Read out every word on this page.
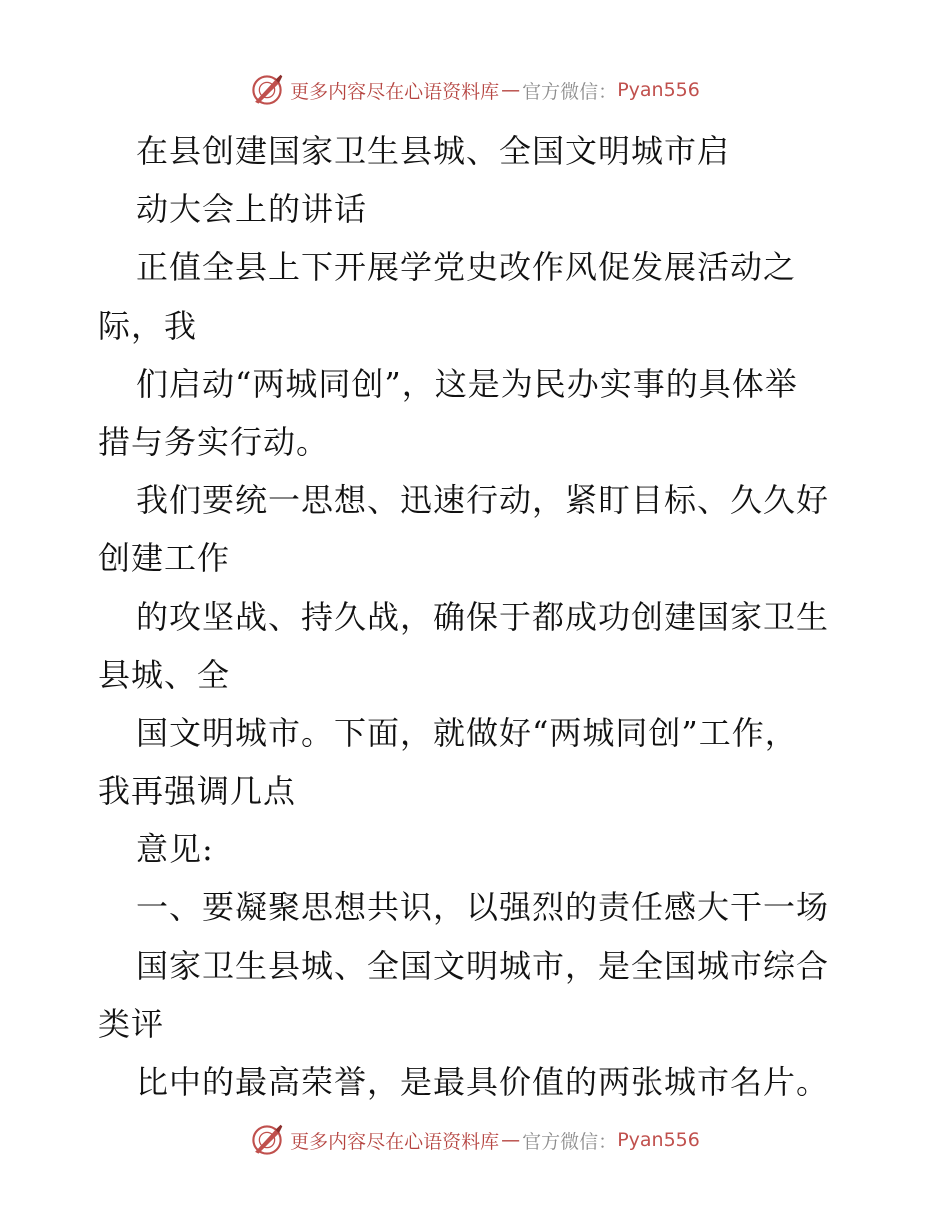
更多内容尽在心语资料库 — 官方微信： Pyan556
在县创建国家卫生县城、全国文明城市启
动大会上的讲话
正值全县上下开展学党史改作风促发展活动之
际，我
们启动“两城同创”，这是为民办实事的具体举
措与务实行动。
我们要统一思想、迅速行动，紧盯目标、久久好
创建工作
的攻坚战、持久战，确保于都成功创建国家卫生
县城、全
国文明城市。下面，就做好“两城同创”工作，
我再强调几点
意见:
一、要凝聚思想共识，以强烈的责任感大干一场
国家卫生县城、全国文明城市，是全国城市综合
类评
比中的最高荣誉，是最具价值的两张城市名片。
更多内容尽在心语资料库 — 官方微信： Pyan556
